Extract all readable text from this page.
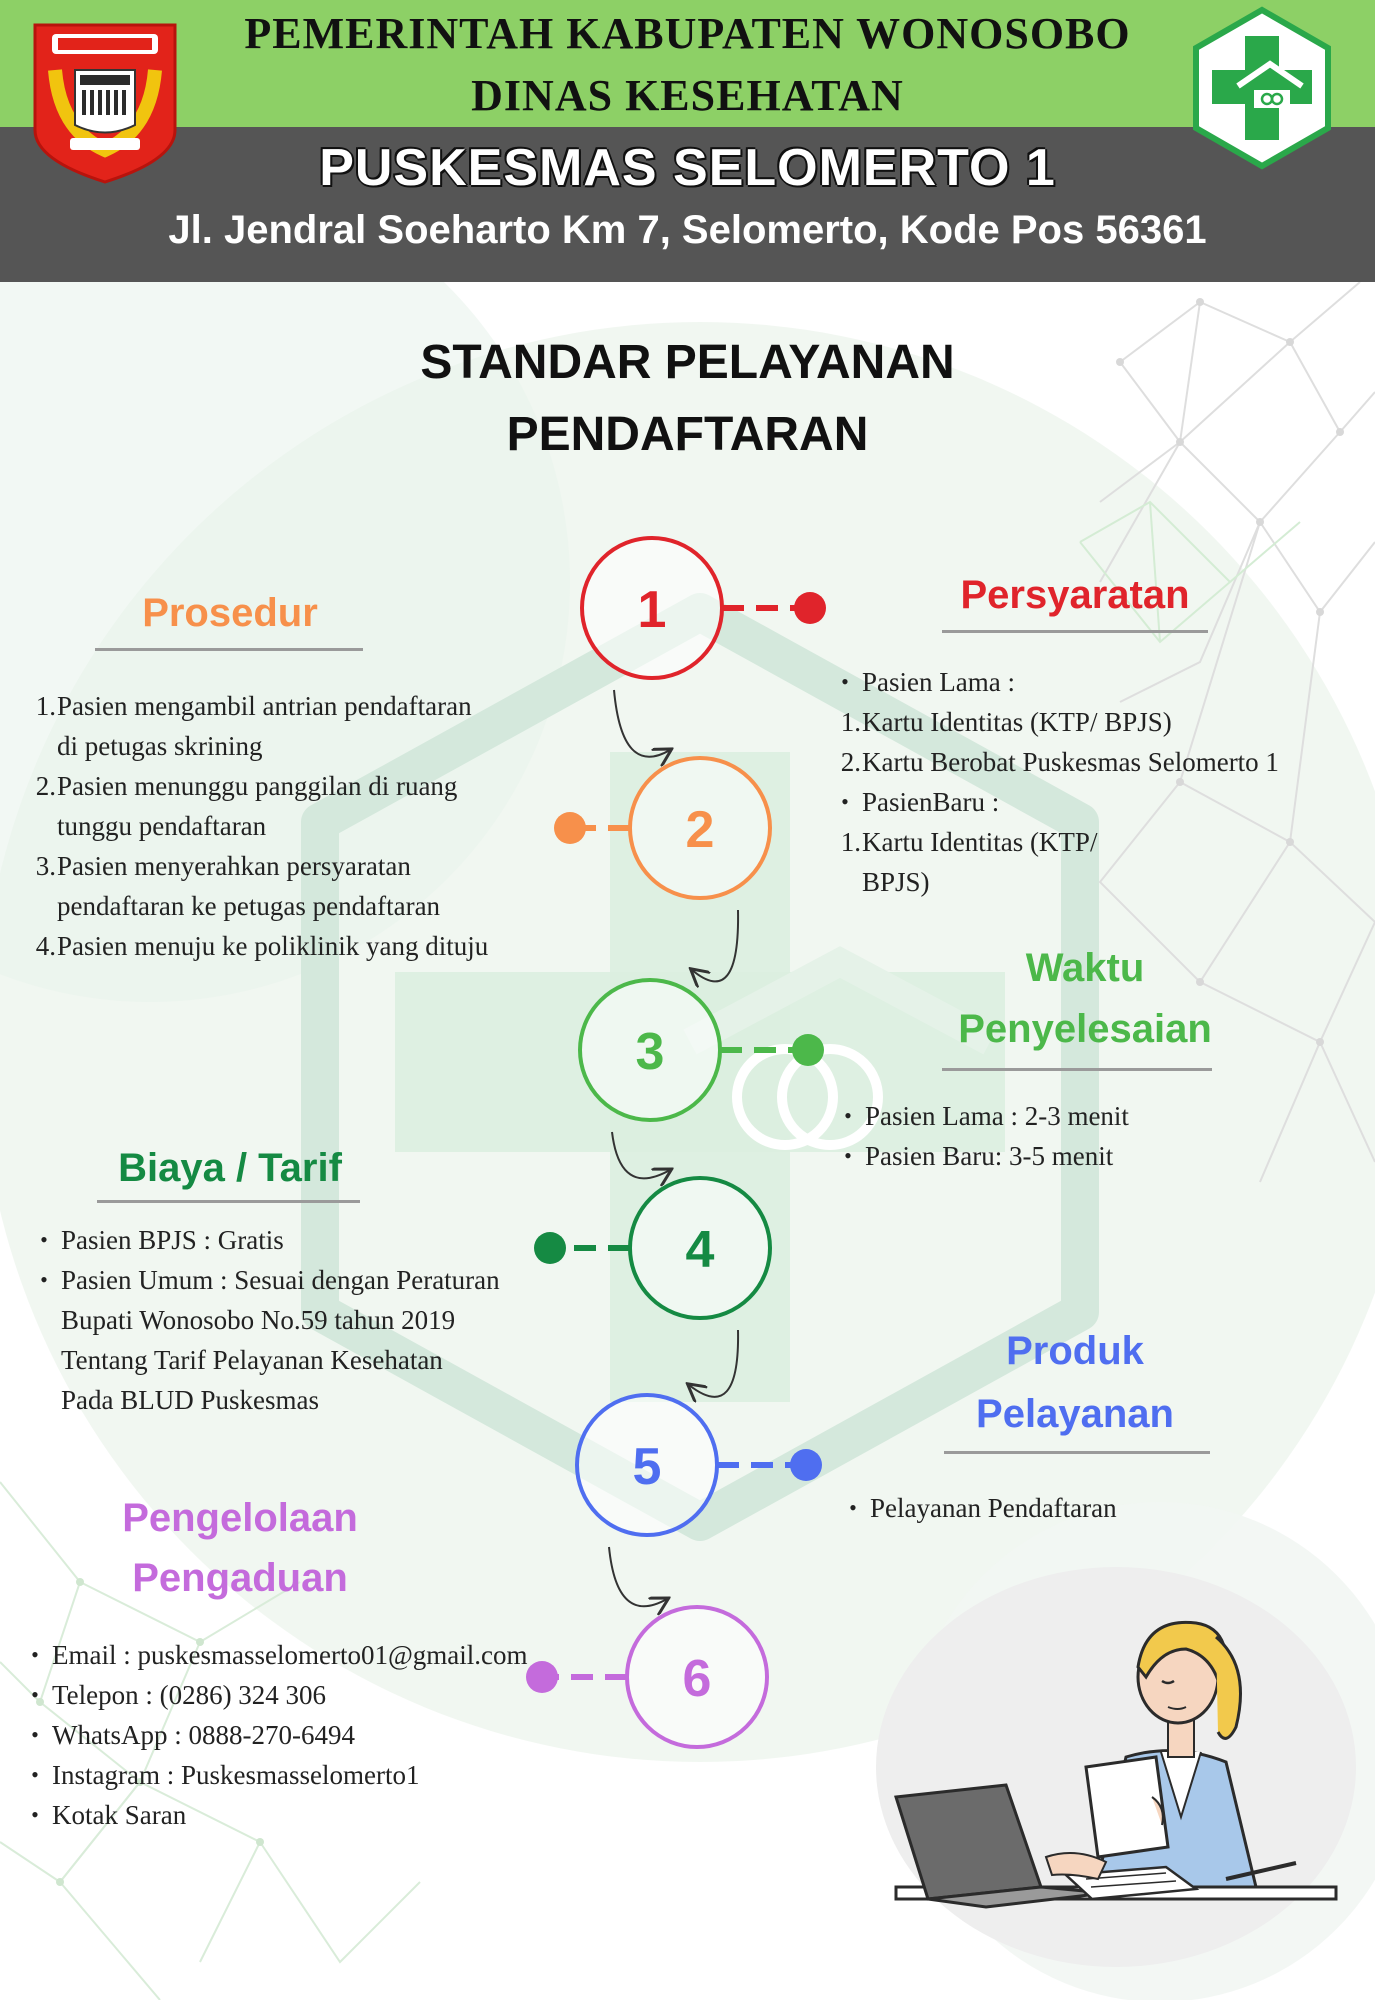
PEMERINTAH KABUPATEN WONOSOBO
DINAS KESEHATAN
PUSKESMAS SELOMERTO 1
Jl. Jendral Soeharto Km 7, Selomerto, Kode Pos 56361
STANDAR PELAYANAN
PENDAFTARAN
1
2
3
4
5
6
Prosedur
1. Pasien mengambil antrian pendaftaran
di petugas skrining
2. Pasien menunggu panggilan di ruang
tunggu pendaftaran
3. Pasien menyerahkan persyaratan
pendaftaran ke petugas pendaftaran
4. Pasien menuju ke poliklinik yang dituju
Persyaratan
• Pasien Lama :
1. Kartu Identitas (KTP/ BPJS)
2. Kartu Berobat Puskesmas Selomerto 1
• PasienBaru :
1. Kartu Identitas (KTP/
BPJS)
Waktu
Penyelesaian
• Pasien Lama : 2-3 menit
• Pasien Baru: 3-5 menit
Biaya / Tarif
• Pasien BPJS : Gratis
• Pasien Umum : Sesuai dengan Peraturan
Bupati Wonosobo No.59 tahun 2019
Tentang Tarif Pelayanan Kesehatan
Pada BLUD Puskesmas
Produk
Pelayanan
• Pelayanan Pendaftaran
Pengelolaan
Pengaduan
• Email : puskesmasselomerto01@gmail.com
• Telepon : (0286) 324 306
• WhatsApp : 0888-270-6494
• Instagram : Puskesmasselomerto1
• Kotak Saran
